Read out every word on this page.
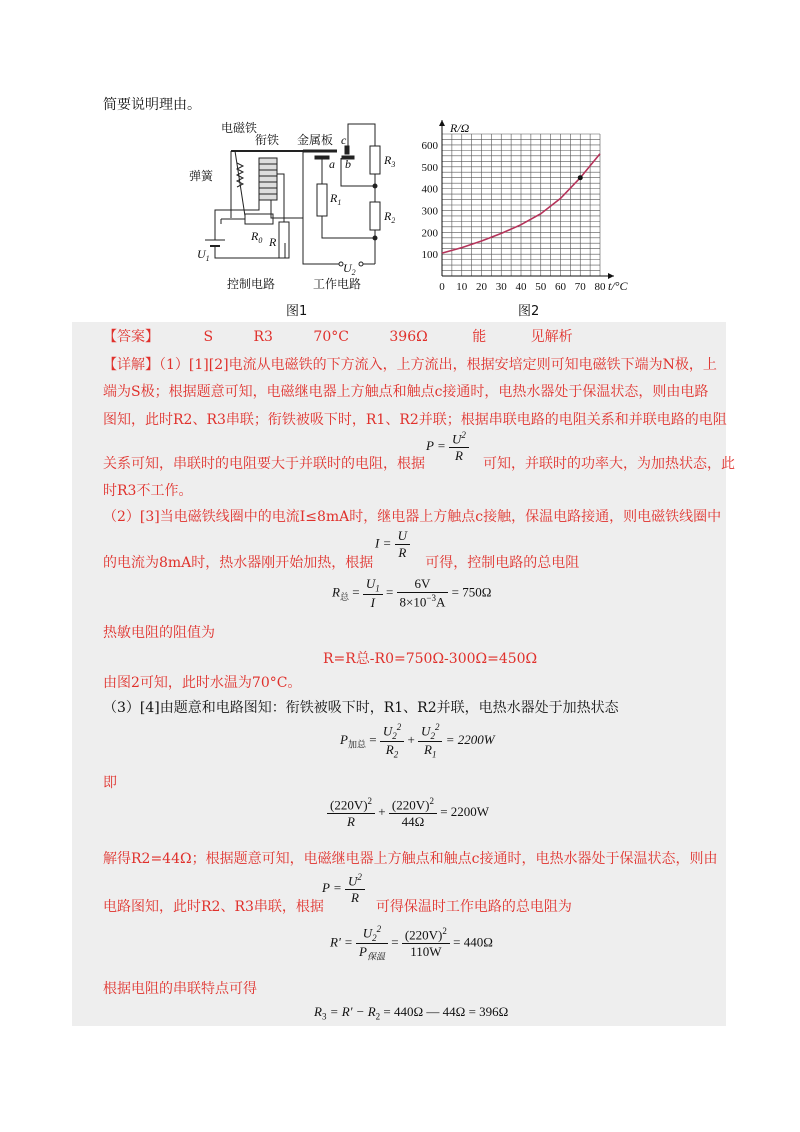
简要说明理由。
电磁铁
衔铁 金属板
弹簧
c
a b	$R_3$
$R_2$
$R_1$
$R_0$ R
$U_1$
$U_2$
控制电路	工作电路
图1
0 10 20 30 40 50 60 70 80
100
200
300
400
500
600
R/Ω
t/°C
图2
【答案】	S	R3	70°C	396Ω	能	见解析
【详解】（1）[1][2]电流从电磁铁的下方流入，上方流出，根据安培定则可知电磁铁下端为N极，上
端为S极；根据题意可知，电磁继电器上方触点和触点c接通时，电热水器处于保温状态，则由电路
图知，此时R2、R3串联；衔铁被吸下时，R1、R2并联；根据串联电路的电阻关系和并联电路的电阻
关系可知，串联时的电阻要大于并联时的电阻，根据	可知，并联时的功率大，为加热状态，此
$P = \frac{U^2}{R}$
时R3不工作。
（2）[3]当电磁铁线圈中的电流I≤8mA时，继电器上方触点c接触，保温电路接通，则电磁铁线圈中
的电流为8mA时，热水器刚开始加热，根据	可得，控制电路的总电阻
$I = \frac{U}{R}$
$R_总 = \frac{U_1}{I} = \frac{6V}{8\times 10^{-3}A} = 750\Omega$
热敏电阻的阻值为
R=R总-R0=750Ω-300Ω=450Ω
由图2可知，此时水温为70°C。
（3）[4]由题意和电路图知：衔铁被吸下时，R1、R2并联，电热水器处于加热状态
$P_{加总} = \frac{U_2^2}{R_2} + \frac{U_2^2}{R_1} = 2200W$
即
$\frac{(220V)^2}{R} + \frac{(220V)^2}{44\Omega} = 2200W$
解得R2=44Ω；根据题意可知，电磁继电器上方触点和触点c接通时，电热水器处于保温状态，则由
电路图知，此时R2、R3串联，根据	可得保温时工作电路的总电阻为
$P = \frac{U^2}{R}$
$R' = \frac{U_2^2}{P_{保温}} = \frac{(220V)^2}{110W} = 440\Omega$
根据电阻的串联特点可得
$R_3 = R' - R_2 = 440\Omega$ — 44Ω = 396Ω
